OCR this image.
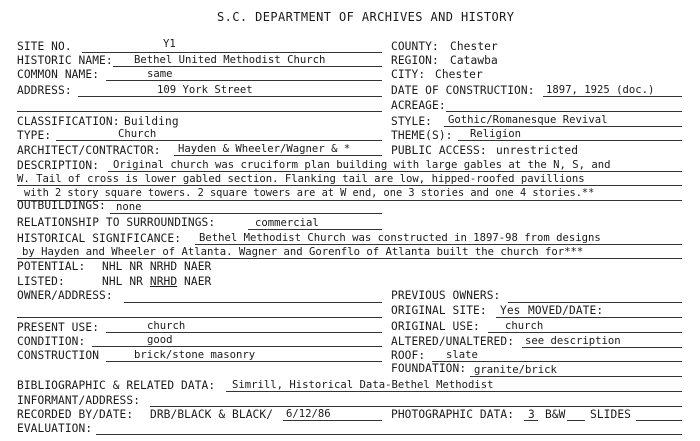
S.C. DEPARTMENT OF ARCHIVES AND HISTORY
SITE NO.	Y1	COUNTY: Chester
HISTORIC NAME: Bethel United Methodist Church	REGION: Catawba
COMMON NAME:	same	CITY: Chester
ADDRESS:	109 York Street	DATE OF CONSTRUCTION: 1897, 1925 (doc.)
ACREAGE:
CLASSIFICATION: Building	STYLE: Gothic/Romanesque Revival
TYPE:	Church	THEME(S): Religion
ARCHITECT/CONTRACTOR: Hayden & Wheeler/Wagner & *	PUBLIC ACCESS: unrestricted
DESCRIPTION: Original church was cruciform plan building with large gables at the N, S, and
W. Tail of cross is lower gabled section. Flanking tail are low, hipped-roofed pavillions
with 2 story square towers. 2 square towers are at W end, one 3 stories and one 4 stories.**
OUTBUILDINGS: none
RELATIONSHIP TO SURROUNDINGS:	commercial
HISTORICAL SIGNIFICANCE: Bethel Methodist Church was constructed in 1897-98 from designs
by Hayden and Wheeler of Atlanta. Wagner and Gorenflo of Atlanta built the church for***
POTENTIAL: NHL NR NRHD NAER
LISTED:	NHL NR NRHD NAER
OWNER/ADDRESS:	PREVIOUS OWNERS:
ORIGINAL SITE: Yes MOVED/DATE:
PRESENT USE:	church	ORIGINAL USE: church
CONDITION:	good	ALTERED/UNALTERED: see description
CONSTRUCTION	brick/stone masonry	ROOF: slate
FOUNDATION: granite/brick
BIBLIOGRAPHIC & RELATED DATA: Simrill, Historical Data-Bethel Methodist
INFORMANT/ADDRESS:
RECORDED BY/DATE: DRB/BLACK & BLACK/ 6/12/86	PHOTOGRAPHIC DATA: 3 B&W SLIDES
EVALUATION:
